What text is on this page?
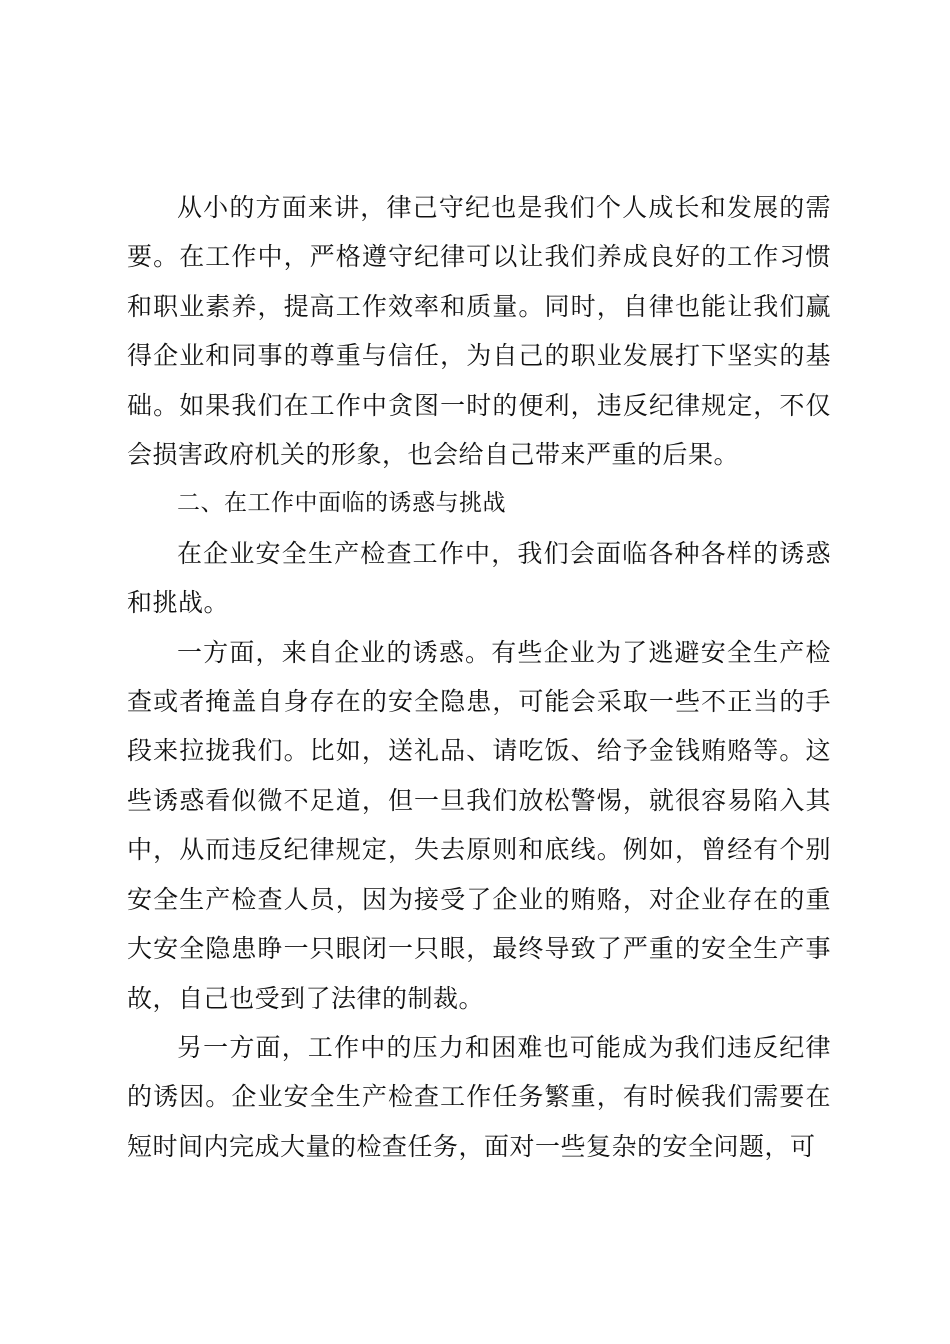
从小的方面来讲，律己守纪也是我们个人成长和发展的需要。在工作中，严格遵守纪律可以让我们养成良好的工作习惯和职业素养，提高工作效率和质量。同时，自律也能让我们赢得企业和同事的尊重与信任，为自己的职业发展打下坚实的基础。如果我们在工作中贪图一时的便利，违反纪律规定，不仅会损害政府机关的形象，也会给自己带来严重的后果。

二、在工作中面临的诱惑与挑战

在企业安全生产检查工作中，我们会面临各种各样的诱惑和挑战。

一方面，来自企业的诱惑。有些企业为了逃避安全生产检查或者掩盖自身存在的安全隐患，可能会采取一些不正当的手段来拉拢我们。比如，送礼品、请吃饭、给予金钱贿赂等。这些诱惑看似微不足道，但一旦我们放松警惕，就很容易陷入其中，从而违反纪律规定，失去原则和底线。例如，曾经有个别安全生产检查人员，因为接受了企业的贿赂，对企业存在的重大安全隐患睁一只眼闭一只眼，最终导致了严重的安全生产事故，自己也受到了法律的制裁。

另一方面，工作中的压力和困难也可能成为我们违反纪律的诱因。企业安全生产检查工作任务繁重，有时候我们需要在短时间内完成大量的检查任务，面对一些复杂的安全问题，可
